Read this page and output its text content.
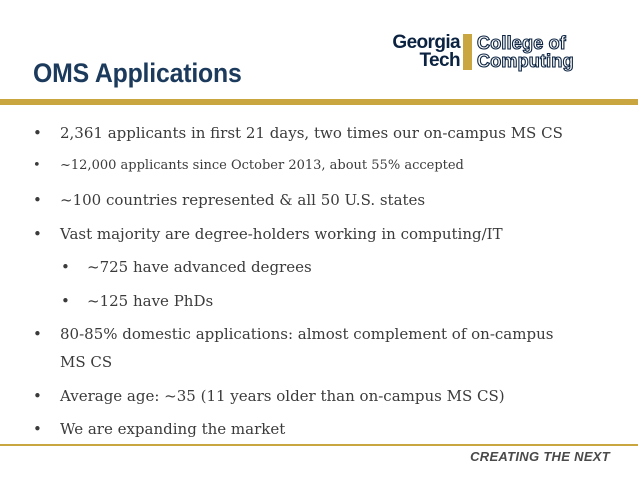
Georgia
Tech
College of
Computing
OMS Applications
• 2,361 applicants in first 21 days, two times our on-campus MS CS
• ~12,000 applicants since October 2013, about 55% accepted
• ~100 countries represented & all 50 U.S. states
• Vast majority are degree-holders working in computing/IT
• ~725 have advanced degrees
• ~125 have PhDs
• 80-85% domestic applications: almost complement of on-campus
MS CS
• Average age: ~35 (11 years older than on-campus MS CS)
• We are expanding the market
CREATING THE NEXT
